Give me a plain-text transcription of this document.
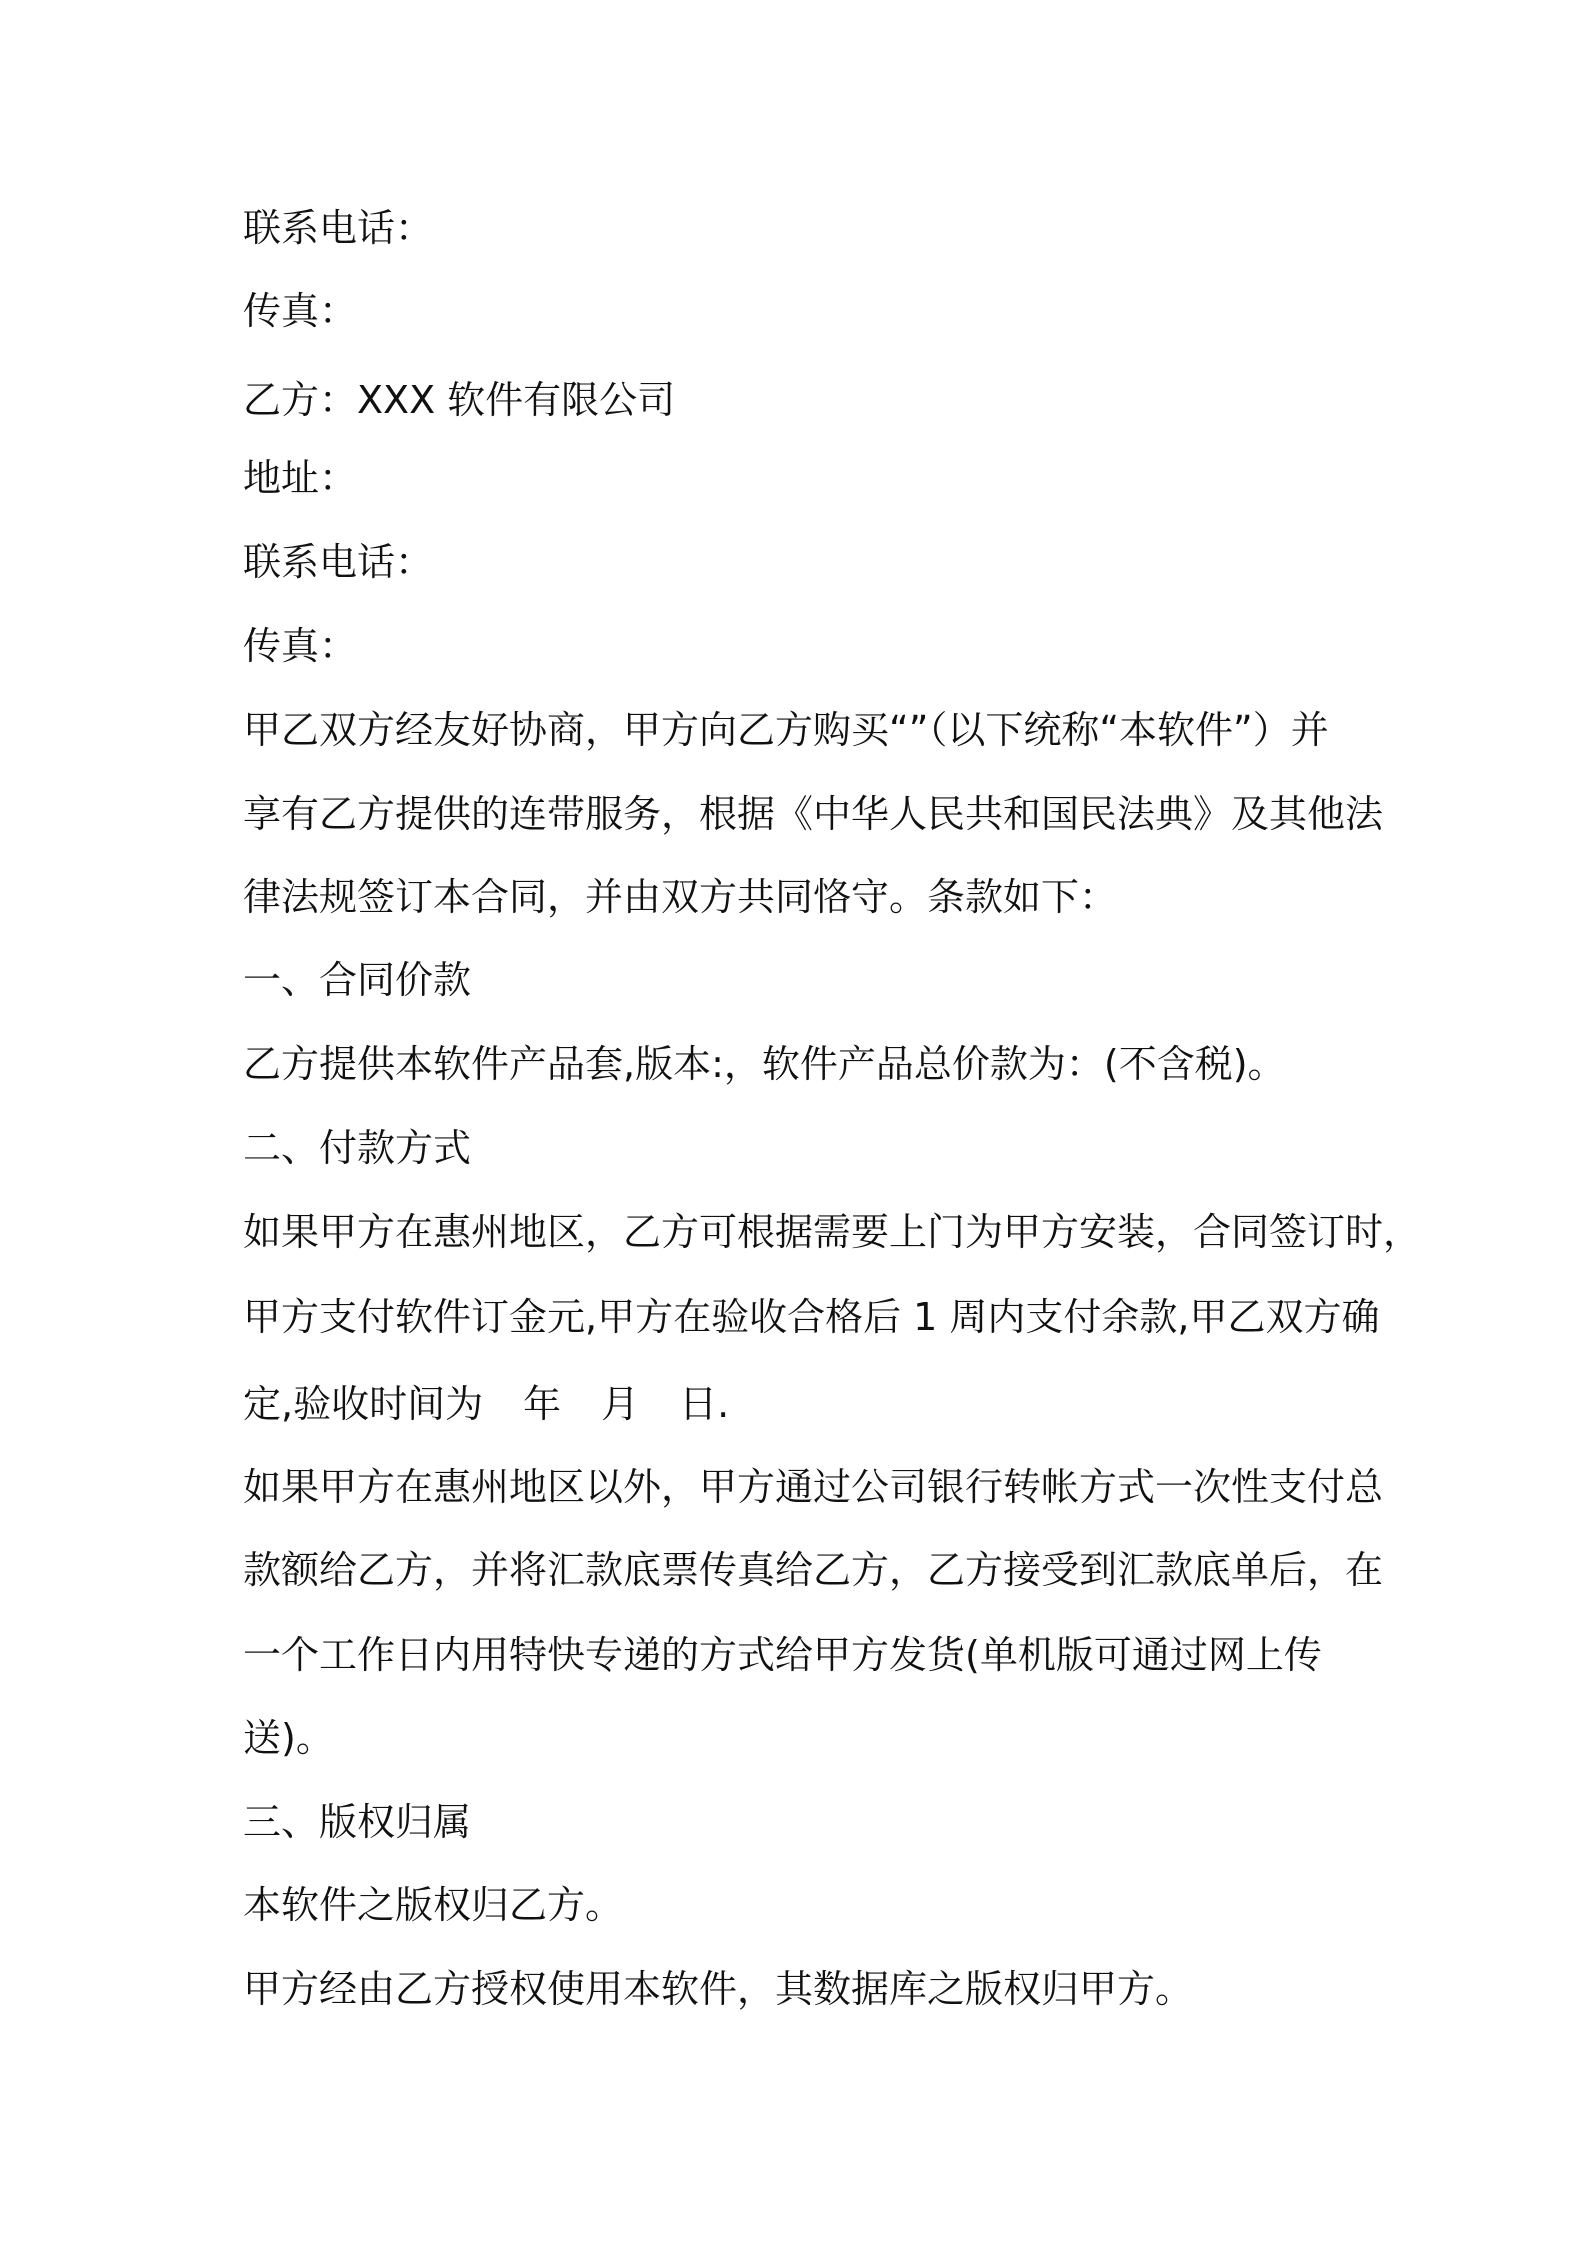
联系电话：
传真：
乙方：XXX 软件有限公司
地址：
联系电话：
传真：
甲乙双方经友好协商，甲方向乙方购买“”（以下统称“本软件”）并
享有乙方提供的连带服务，根据《中华人民共和国民法典》及其他法
律法规签订本合同，并由双方共同恪守。条款如下：
一、合同价款
乙方提供本软件产品套,版本:，软件产品总价款为：(不含税)。
二、付款方式
如果甲方在惠州地区，乙方可根据需要上门为甲方安装，合同签订时，
甲方支付软件订金元,甲方在验收合格后 1 周内支付余款,甲乙双方确
定,验收时间为 年 月 日.
如果甲方在惠州地区以外，甲方通过公司银行转帐方式一次性支付总
款额给乙方，并将汇款底票传真给乙方，乙方接受到汇款底单后，在
一个工作日内用特快专递的方式给甲方发货(单机版可通过网上传
送)。
三、版权归属
本软件之版权归乙方。
甲方经由乙方授权使用本软件，其数据库之版权归甲方。
